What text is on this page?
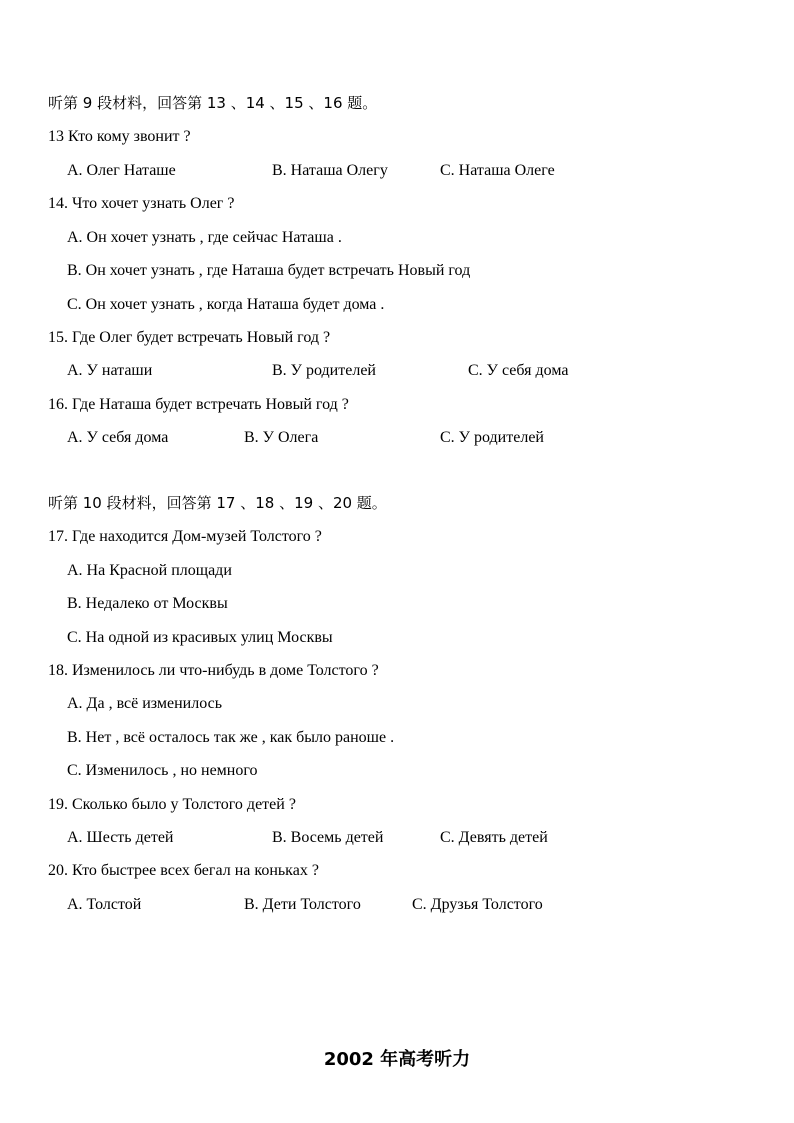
听第 9 段材料，回答第 13 、14 、15 、16 题。
13 Кто кому звонит ?
A. Олег Наташе	B. Наташа Олегу	C. Наташа Олеге
14. Что хочет узнать Олег ?
A. Он хочет узнать , где сейчас Наташа .
B. Он хочет узнать , где Наташа будет встречать Новый год
C. Он хочет узнать , когда Наташа будет дома .
15. Где Олег будет встречать Новый год ?
A. У наташи	B. У родителей	C. У себя дома
16. Где Наташа будет встречать Новый год ?
A. У себя дома	B. У Олега	C. У родителей
听第 10 段材料，回答第 17 、18 、19 、20 题。
17. Где находится Дом-музей Толстого ?
A. На Красной площади
B. Недалеко от Москвы
C. На одной из красивых улиц Москвы
18. Изменилось ли что-нибудь в доме Толстого ?
A. Да , всё изменилось
B. Нет , всё осталось так же , как было раноше .
C. Изменилось , но немного
19. Сколько было у Толстого детей ?
A. Шесть детей	B. Восемь детей	C. Девять детей
20. Кто быстрее всех бегал на коньках ?
A. Толстой	B. Дети Толстого	C. Друзья Толстого
2002 年高考听力
